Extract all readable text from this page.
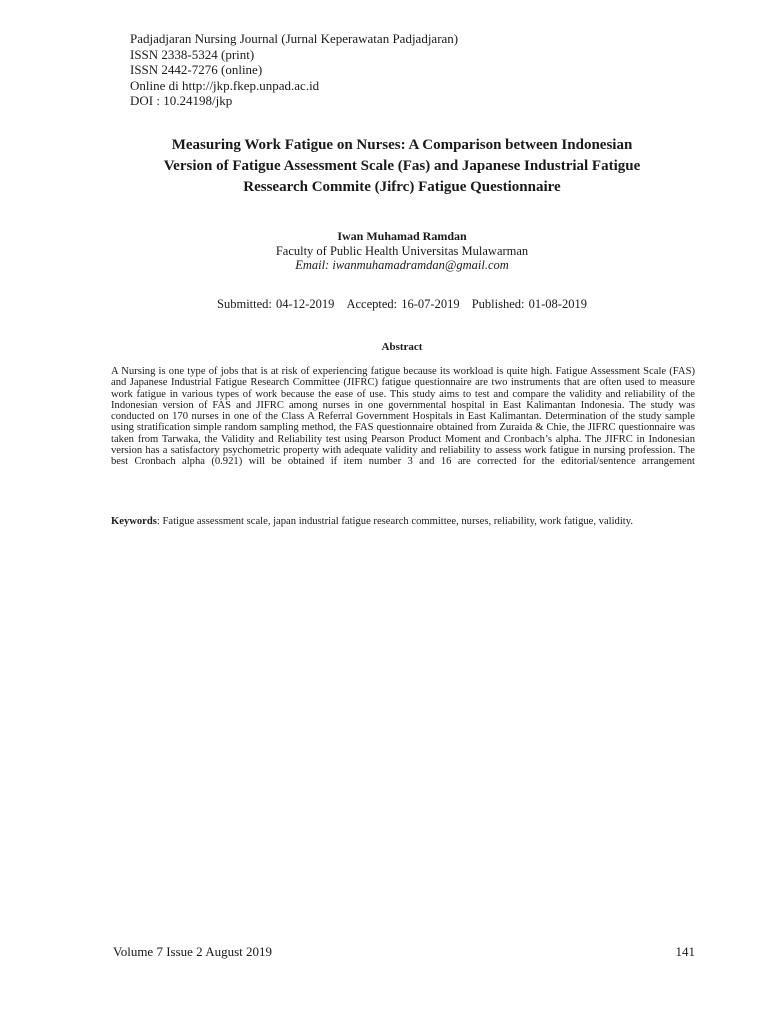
Padjadjaran Nursing Journal (Jurnal Keperawatan Padjadjaran)
ISSN 2338-5324 (print)
ISSN 2442-7276 (online)
Online di http://jkp.fkep.unpad.ac.id
DOI : 10.24198/jkp
Measuring Work Fatigue on Nurses: A Comparison between Indonesian
Version of Fatigue Assessment Scale (Fas) and Japanese Industrial Fatigue
Ressearch Commite (Jifrc) Fatigue Questionnaire
Iwan Muhamad Ramdan
Faculty of Public Health Universitas Mulawarman
Email: iwanmuhamadramdan@gmail.com
Submitted: 04-12-2019 Accepted: 16-07-2019 Published: 01-08-2019
Abstract
A Nursing is one type of jobs that is at risk of experiencing fatigue because its workload is quite high. Fatigue Assessment Scale (FAS) and Japanese Industrial Fatigue Research Committee (JIFRC) fatigue questionnaire are two instruments that are often used to measure work fatigue in various types of work because the ease of use. This study aims to test and compare the validity and reliability of the Indonesian version of FAS and JIFRC among nurses in one governmental hospital in East Kalimantan Indonesia. The study was conducted on 170 nurses in one of the Class A Referral Government Hospitals in East Kalimantan. Determination of the study sample using stratification simple random sampling method, the FAS questionnaire obtained from Zuraida & Chie, the JIFRC questionnaire was taken from Tarwaka, the Validity and Reliability test using Pearson Product Moment and Cronbach’s alpha. The JIFRC in Indonesian version has a satisfactory psychometric property with adequate validity and reliability to assess work fatigue in nursing profession. The best Cronbach alpha (0.921) will be obtained if item number 3 and 16 are corrected for the editorial/sentence arrangement
Keywords: Fatigue assessment scale, japan industrial fatigue research committee, nurses, reliability, work fatigue, validity.
Volume 7 Issue 2 August 2019	141
